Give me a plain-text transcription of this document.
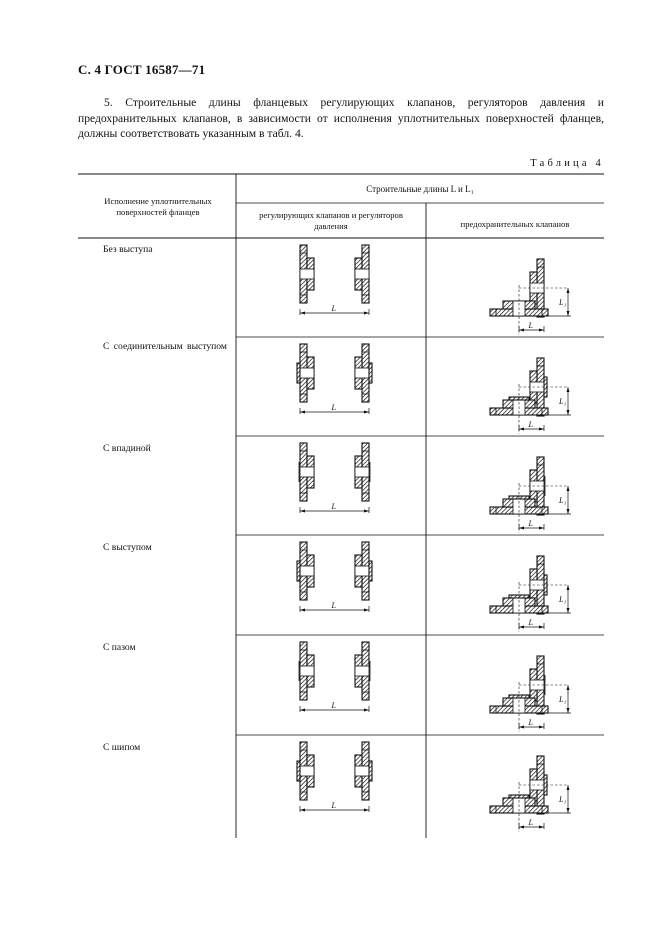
С. 4 ГОСТ 16587—71
5. Строительные длины фланцевых регулирующих клапанов, регуляторов давления и предохранительных клапанов, в зависимости от исполнения уплотнительных поверхностей фланцев, должны соответствовать указанным в табл. 4.
Таблица 4
L
L
L₁
L
L
L₁
L
L
L₁
L
L
L₁
L
L
L₁
L
L
L₁
Исполнение уплотнительных поверхностей фланцев
Строительные длины L и L₁
регулирующих клапанов и регуляторов давления	предохранительных клапанов
Без выступа
С соединительным выступом
С впадиной
С выступом
С пазом
С шипом
